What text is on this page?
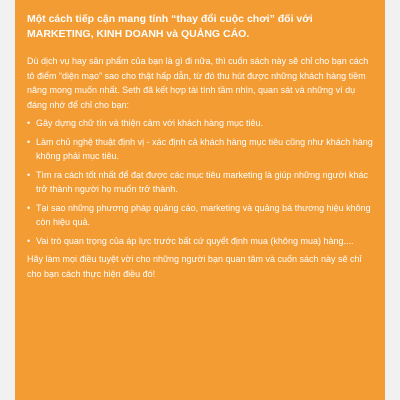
Một cách tiếp cận mang tính “thay đổi cuộc chơi” đối với
MARKETING, KINH DOANH và QUẢNG CÁO.

Dù dịch vụ hay sản phẩm của bạn là gì đi nữa, thì cuốn sách này sẽ chỉ cho bạn cách tô điểm “diện mạo” sao cho thật hấp dẫn, từ đó thu hút được những khách hàng tiềm năng mong muốn nhất. Seth đã kết hợp tài tình tầm nhìn, quan sát và những ví dụ đáng nhớ để chỉ cho bạn:

• Gây dựng chữ tín và thiện cảm với khách hàng mục tiêu.
• Làm chủ nghệ thuật định vị - xác định cả khách hàng mục tiêu cũng như khách hàng không phải mục tiêu.
• Tìm ra cách tốt nhất để đạt được các mục tiêu marketing là giúp những người khác trở thành người họ muốn trở thành.
• Tại sao những phương pháp quảng cáo, marketing và quảng bá thương hiệu không còn hiệu quả.
• Vai trò quan trọng của áp lực trước bất cứ quyết định mua (không mua) hàng....

Hãy làm mọi điều tuyệt vời cho những người bạn quan tâm và cuốn sách này sẽ chỉ cho bạn cách thực hiện điều đó!
